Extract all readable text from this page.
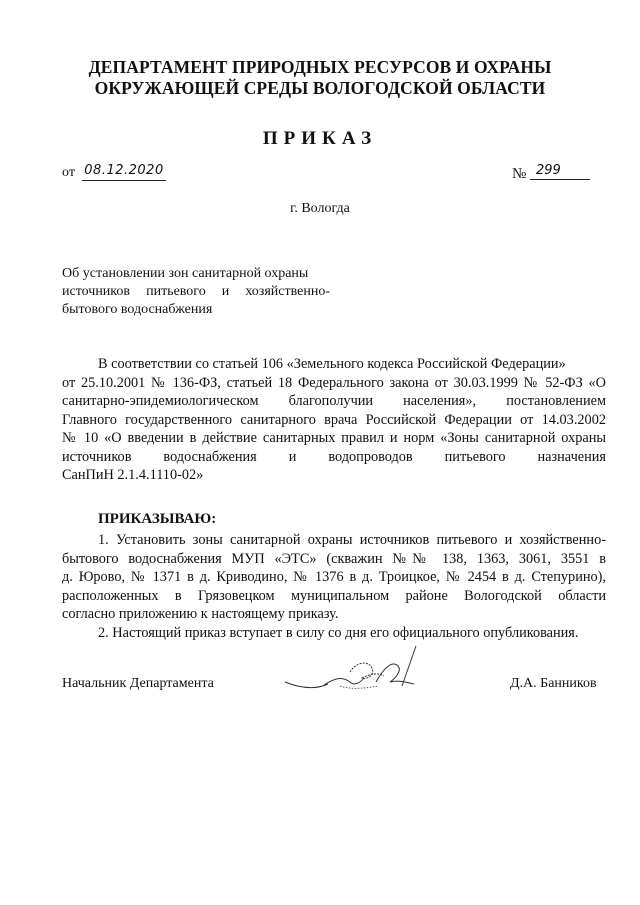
ДЕПАРТАМЕНТ ПРИРОДНЫХ РЕСУРСОВ И ОХРАНЫ
ОКРУЖАЮЩЕЙ СРЕДЫ ВОЛОГОДСКОЙ ОБЛАСТИ
ПРИКАЗ
от 08.12.2020	№ 299
г. Вологда
Об установлении зон санитарной охраны
источников питьевого и хозяйственно-
бытового водоснабжения
В соответствии со статьей 106 «Земельного кодекса Российской Федерации»
от 25.10.2001 № 136-ФЗ, статьей 18 Федерального закона от 30.03.1999 № 52-ФЗ «О
санитарно-эпидемиологическом благополучии населения», постановлением
Главного государственного санитарного врача Российской Федерации от 14.03.2002
№ 10 «О введении в действие санитарных правил и норм «Зоны санитарной охраны
источников водоснабжения и водопроводов питьевого назначения
СанПиН 2.1.4.1110-02»
ПРИКАЗЫВАЮ:
1. Установить зоны санитарной охраны источников питьевого и хозяйственно-
бытового водоснабжения МУП «ЭТС» (скважин №№ 138, 1363, 3061, 3551 в
д. Юрово, № 1371 в д. Криводино, № 1376 в д. Троицкое, № 2454 в д. Степурино),
расположенных в Грязовецком муниципальном районе Вологодской области
согласно приложению к настоящему приказу.
2. Настоящий приказ вступает в силу со дня его официального опубликования.
Начальник Департамента	Д.А. Банников
